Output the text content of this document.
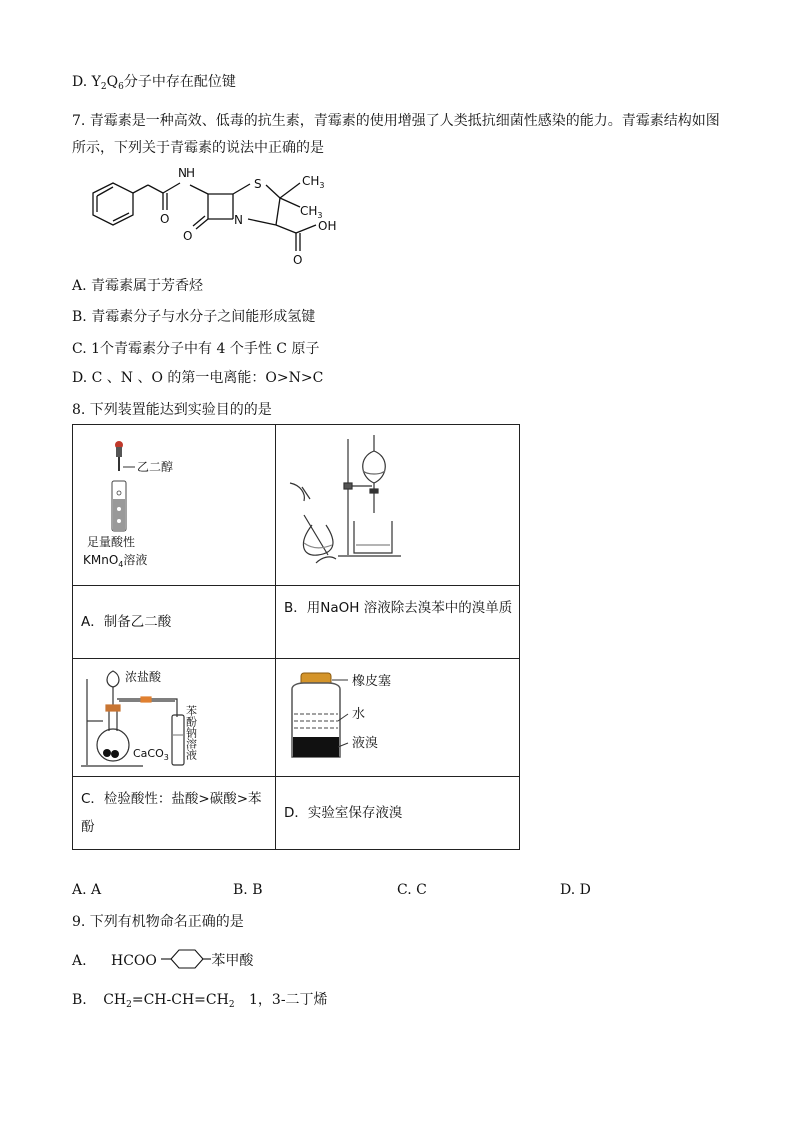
D. $Y_2Q_6$分子中存在配位键
7. 青霉素是一种高效、低毒的抗生素，青霉素的使用增强了人类抵抗细菌性感染的能力。青霉素结构如图
所示，下列关于青霉素的说法中正确的是
N H
S	$CH_3$
$CH_3$
O
O
N	OH
O
A. 青霉素属于芳香烃
B. 青霉素分子与水分子之间能形成氢键
C. 1个青霉素分子中有 4 个手性 C 原子
D. C 、N 、O 的第一电离能：O>N>C
8. 下列装置能达到实验目的的是
乙二醇
足量酸性
KMnO$_4$溶液

A．制备乙二酸	B．用NaOH 溶液除去溴苯中的溴单质

浓盐酸
CaCO$_3$ 苯酚钠溶液	橡皮塞
水
液溴

C．检验酸性：盐酸>碳酸>苯酚	D．实验室保存液溴
A. A	B. B	C. C	D. D
9. 下列有机物命名正确的是
A. HCOO	苯甲酸
B. $CH_2=CH-CH=CH_2$ 1，3-二丁烯
